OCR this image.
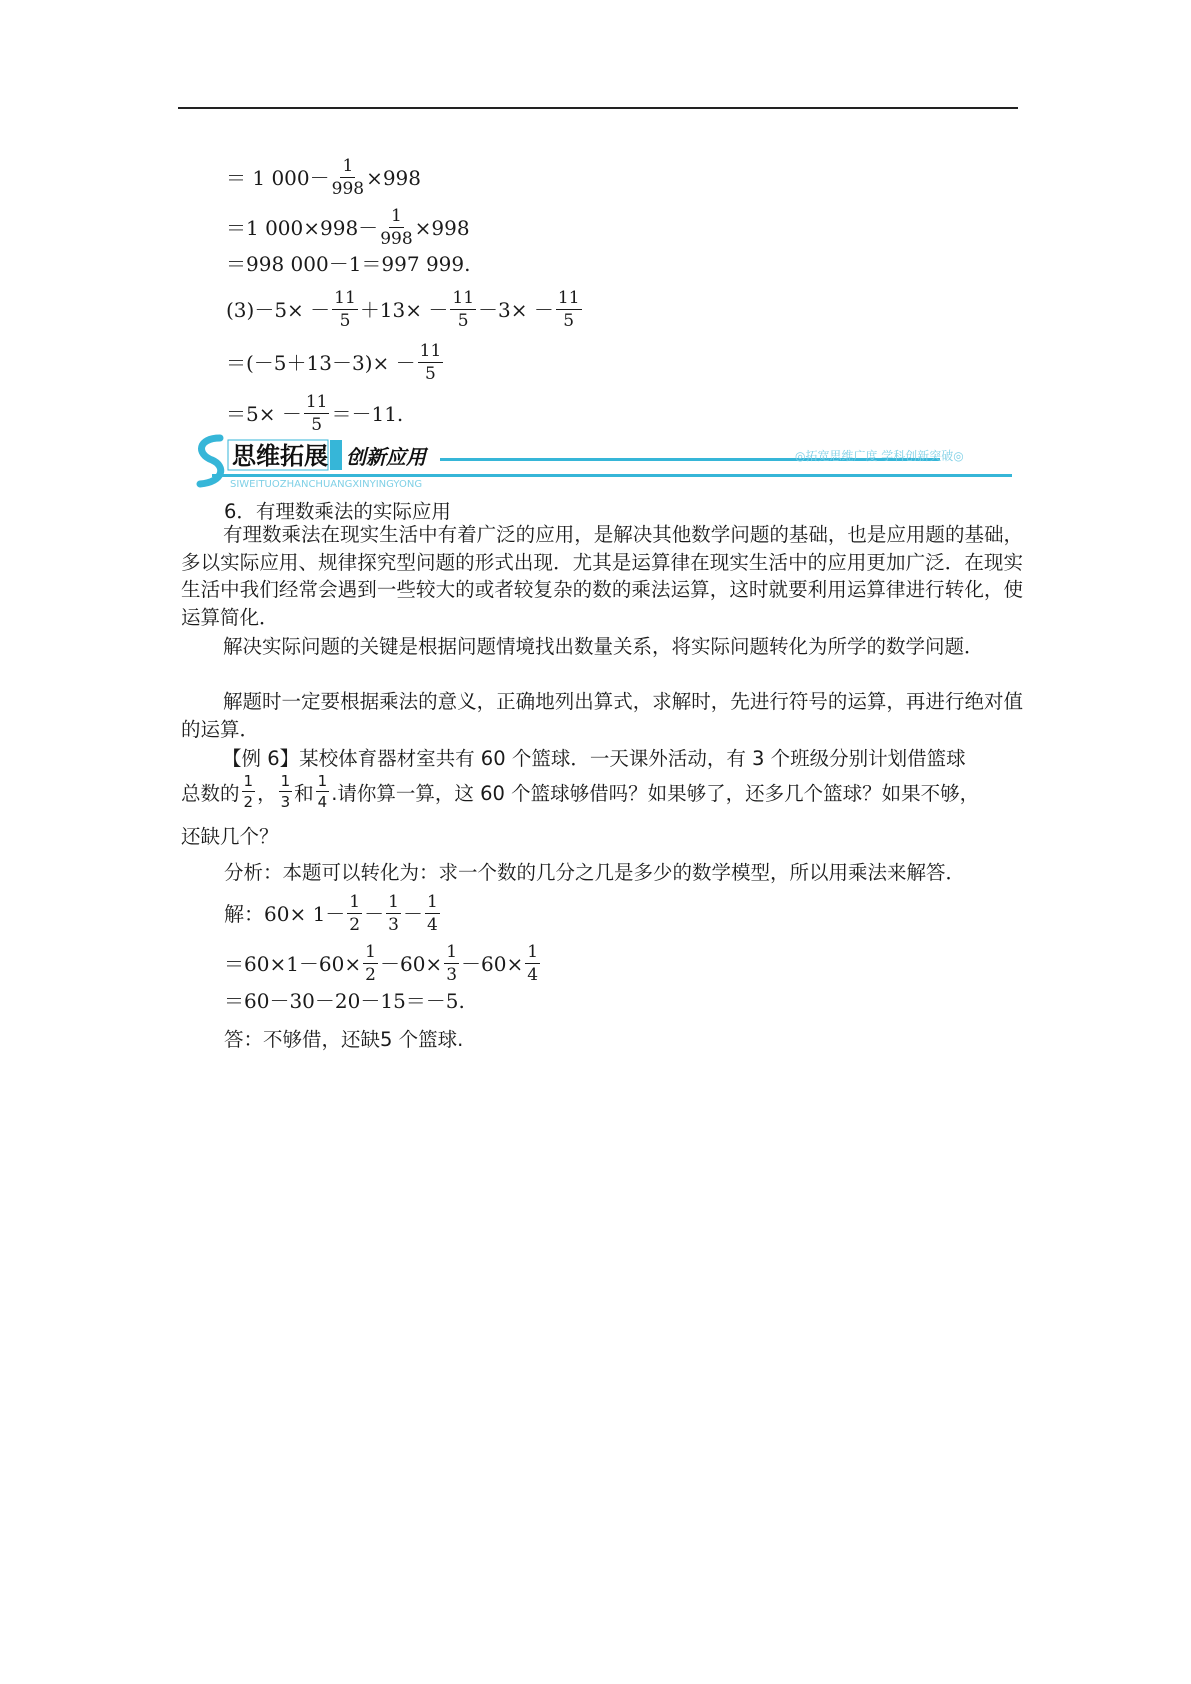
＝ 1 $000- \frac{1}{998} \times 998$
＝1 $000\times 998- \frac{1}{998} \times 998$
＝998 000－1＝997 999.
$(3)-5\times - \frac{11}{5} +13\times - \frac{11}{5} -3\times - \frac{11}{5}$
$=(-5+13-3)\times - \frac{11}{5}$
$=5\times - \frac{11}{5} =-11$.
思维拓展 创新应用	◎拓宽思维广度 学科创新突破◎
SIWEITUOZHANCHUANGXINYINGYONG
6．有理数乘法的实际应用
有理数乘法在现实生活中有着广泛的应用，是解决其他数学问题的基础，也是应用题的基础，多以实际应用、规律探究型问题的形式出现．尤其是运算律在现实生活中的应用更加广泛．在现实生活中我们经常会遇到一些较大的或者较复杂的数的乘法运算，这时就要利用运算律进行转化，使运算简化．
解决实际问题的关键是根据问题情境找出数量关系，将实际问题转化为所学的数学问题．
解题时一定要根据乘法的意义，正确地列出算式，求解时，先进行符号的运算，再进行绝对值的运算．
【例 6】 某校体育器材室共有 60 个篮球．一天课外活动，有 3 个班级分别计划借篮球
总数的 $\frac{1}{2}$ ， $\frac{1}{3}$ 和 $\frac{1}{4}$ .请你算一算，这 60 个篮球够借吗？如果够了，还多几个篮球？如果不够，
还缺几个？
分析：本题可以转化为：求一个数的几分之几是多少的数学模型，所以用乘法来解答．
解：$60\times 1- \frac{1}{2} - \frac{1}{3} - \frac{1}{4}$
$=60\times 1-60\times \frac{1}{2} -60\times \frac{1}{3} -60\times \frac{1}{4}$
＝60－30－20－15＝－5.
答：不够借，还缺5 个篮球.
